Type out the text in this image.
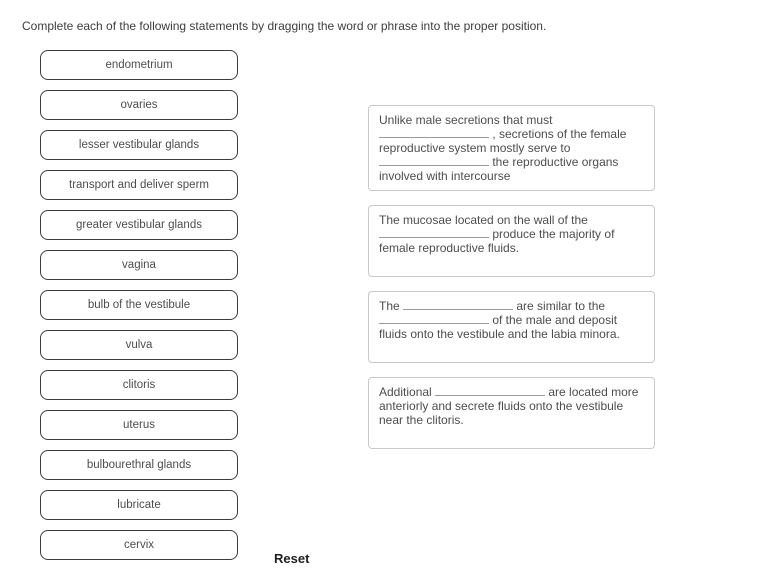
Complete each of the following statements by dragging the word or phrase into the proper position.
endometrium
ovaries
lesser vestibular glands
transport and deliver sperm
greater vestibular glands
vagina
bulb of the vestibule
vulva
clitoris
uterus
bulbourethral glands
lubricate
cervix
Unlike male secretions that must  , secretions of the female reproductive system mostly serve to  the reproductive organs involved with intercourse
The mucosae located on the wall of the  produce the majority of female reproductive fluids.
The	are similar to the  of the male and deposit fluids onto the vestibule and the labia minora.
Additional	are located more anteriorly and secrete fluids onto the vestibule near the clitoris.
Reset
